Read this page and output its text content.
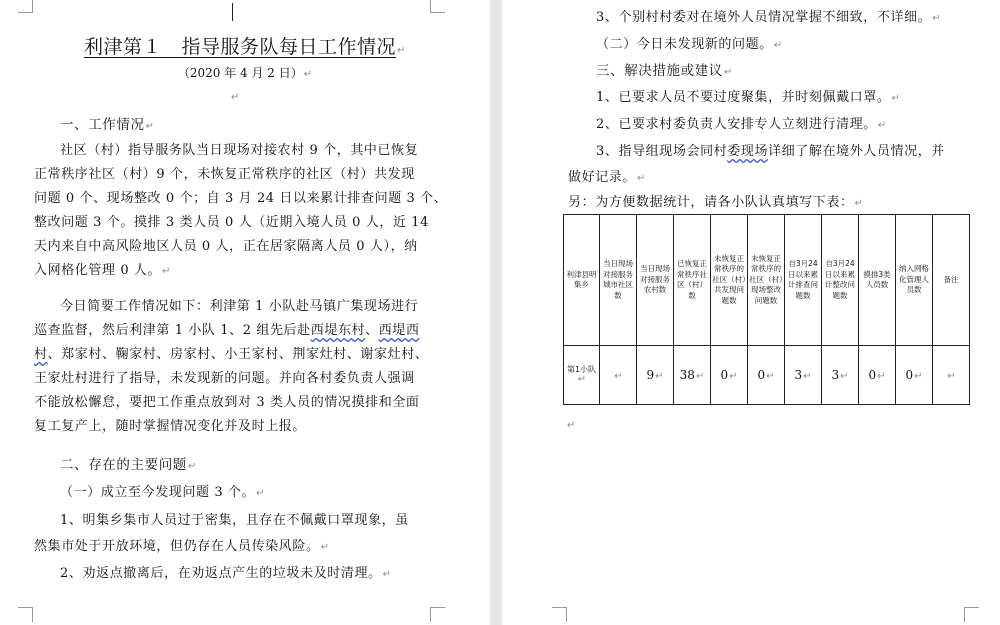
利津第１　指导服务队每日工作情况↵
（2020 年 4 月 2 日）↵
↵
一、工作情况↵
社区（村）指导服务队当日现场对接农村 9 个，其中已恢复
正常秩序社区（村）9 个，未恢复正常秩序的社区（村）共发现
问题 0 个、现场整改 0 个；自 3 月 24 日以来累计排查问题 3 个、
整改问题 3 个。摸排 3 类人员 0 人（近期入境人员 0 人，近 14
天内来自中高风险地区人员 0 人，正在居家隔离人员 0 人），纳
入网格化管理 0 人。↵
今日简要工作情况如下：利津第 1 小队赴马镇广集现场进行
巡查监督，然后利津第 1 小队 1、2 组先后赴西堤东村、西堤西
村、郑家村、鞠家村、房家村、小王家村、荆家灶村、谢家灶村、
王家灶村进行了指导，未发现新的问题。并向各村委负责人强调
不能放松懈怠，要把工作重点放到对 3 类人员的情况摸排和全面
复工复产上，随时掌握情况变化并及时上报。
二、存在的主要问题↵
（一）成立至今发现问题 3 个。↵
1、明集乡集市人员过于密集，且存在不佩戴口罩现象，虽
然集市处于开放环境，但仍存在人员传染风险。↵
2、劝返点撤离后，在劝返点产生的垃圾未及时清理。↵
3、个别村村委对在境外人员情况掌握不细致，不详细。↵
（二）今日未发现新的问题。↵
三、解决措施或建议↵
1、已要求人员不要过度聚集，并时刻佩戴口罩。↵
2、已要求村委负责人安排专人立刻进行清理。↵
3、指导组现场会同村委现场详细了解在境外人员情况，并
做好记录。↵
另：为方便数据统计，请各小队认真填写下表：↵
利津县明集乡	当日现场对接服务城市社区数	当日现场对接服务农村数	已恢复正常秩序社区（村）数	未恢复正常秩序的社区（村）共发现问题数	未恢复正常秩序的社区（村）现场整改问题数	自3月24日以来累计排查问题数	自3月24日以来累计整改问题数	摸排3类人员数	纳入网格化管理人员数	备注
第1小队↵	↵	9↵	38↵	0↵	0↵	3↵	3↵	0↵	0↵	↵
↵
